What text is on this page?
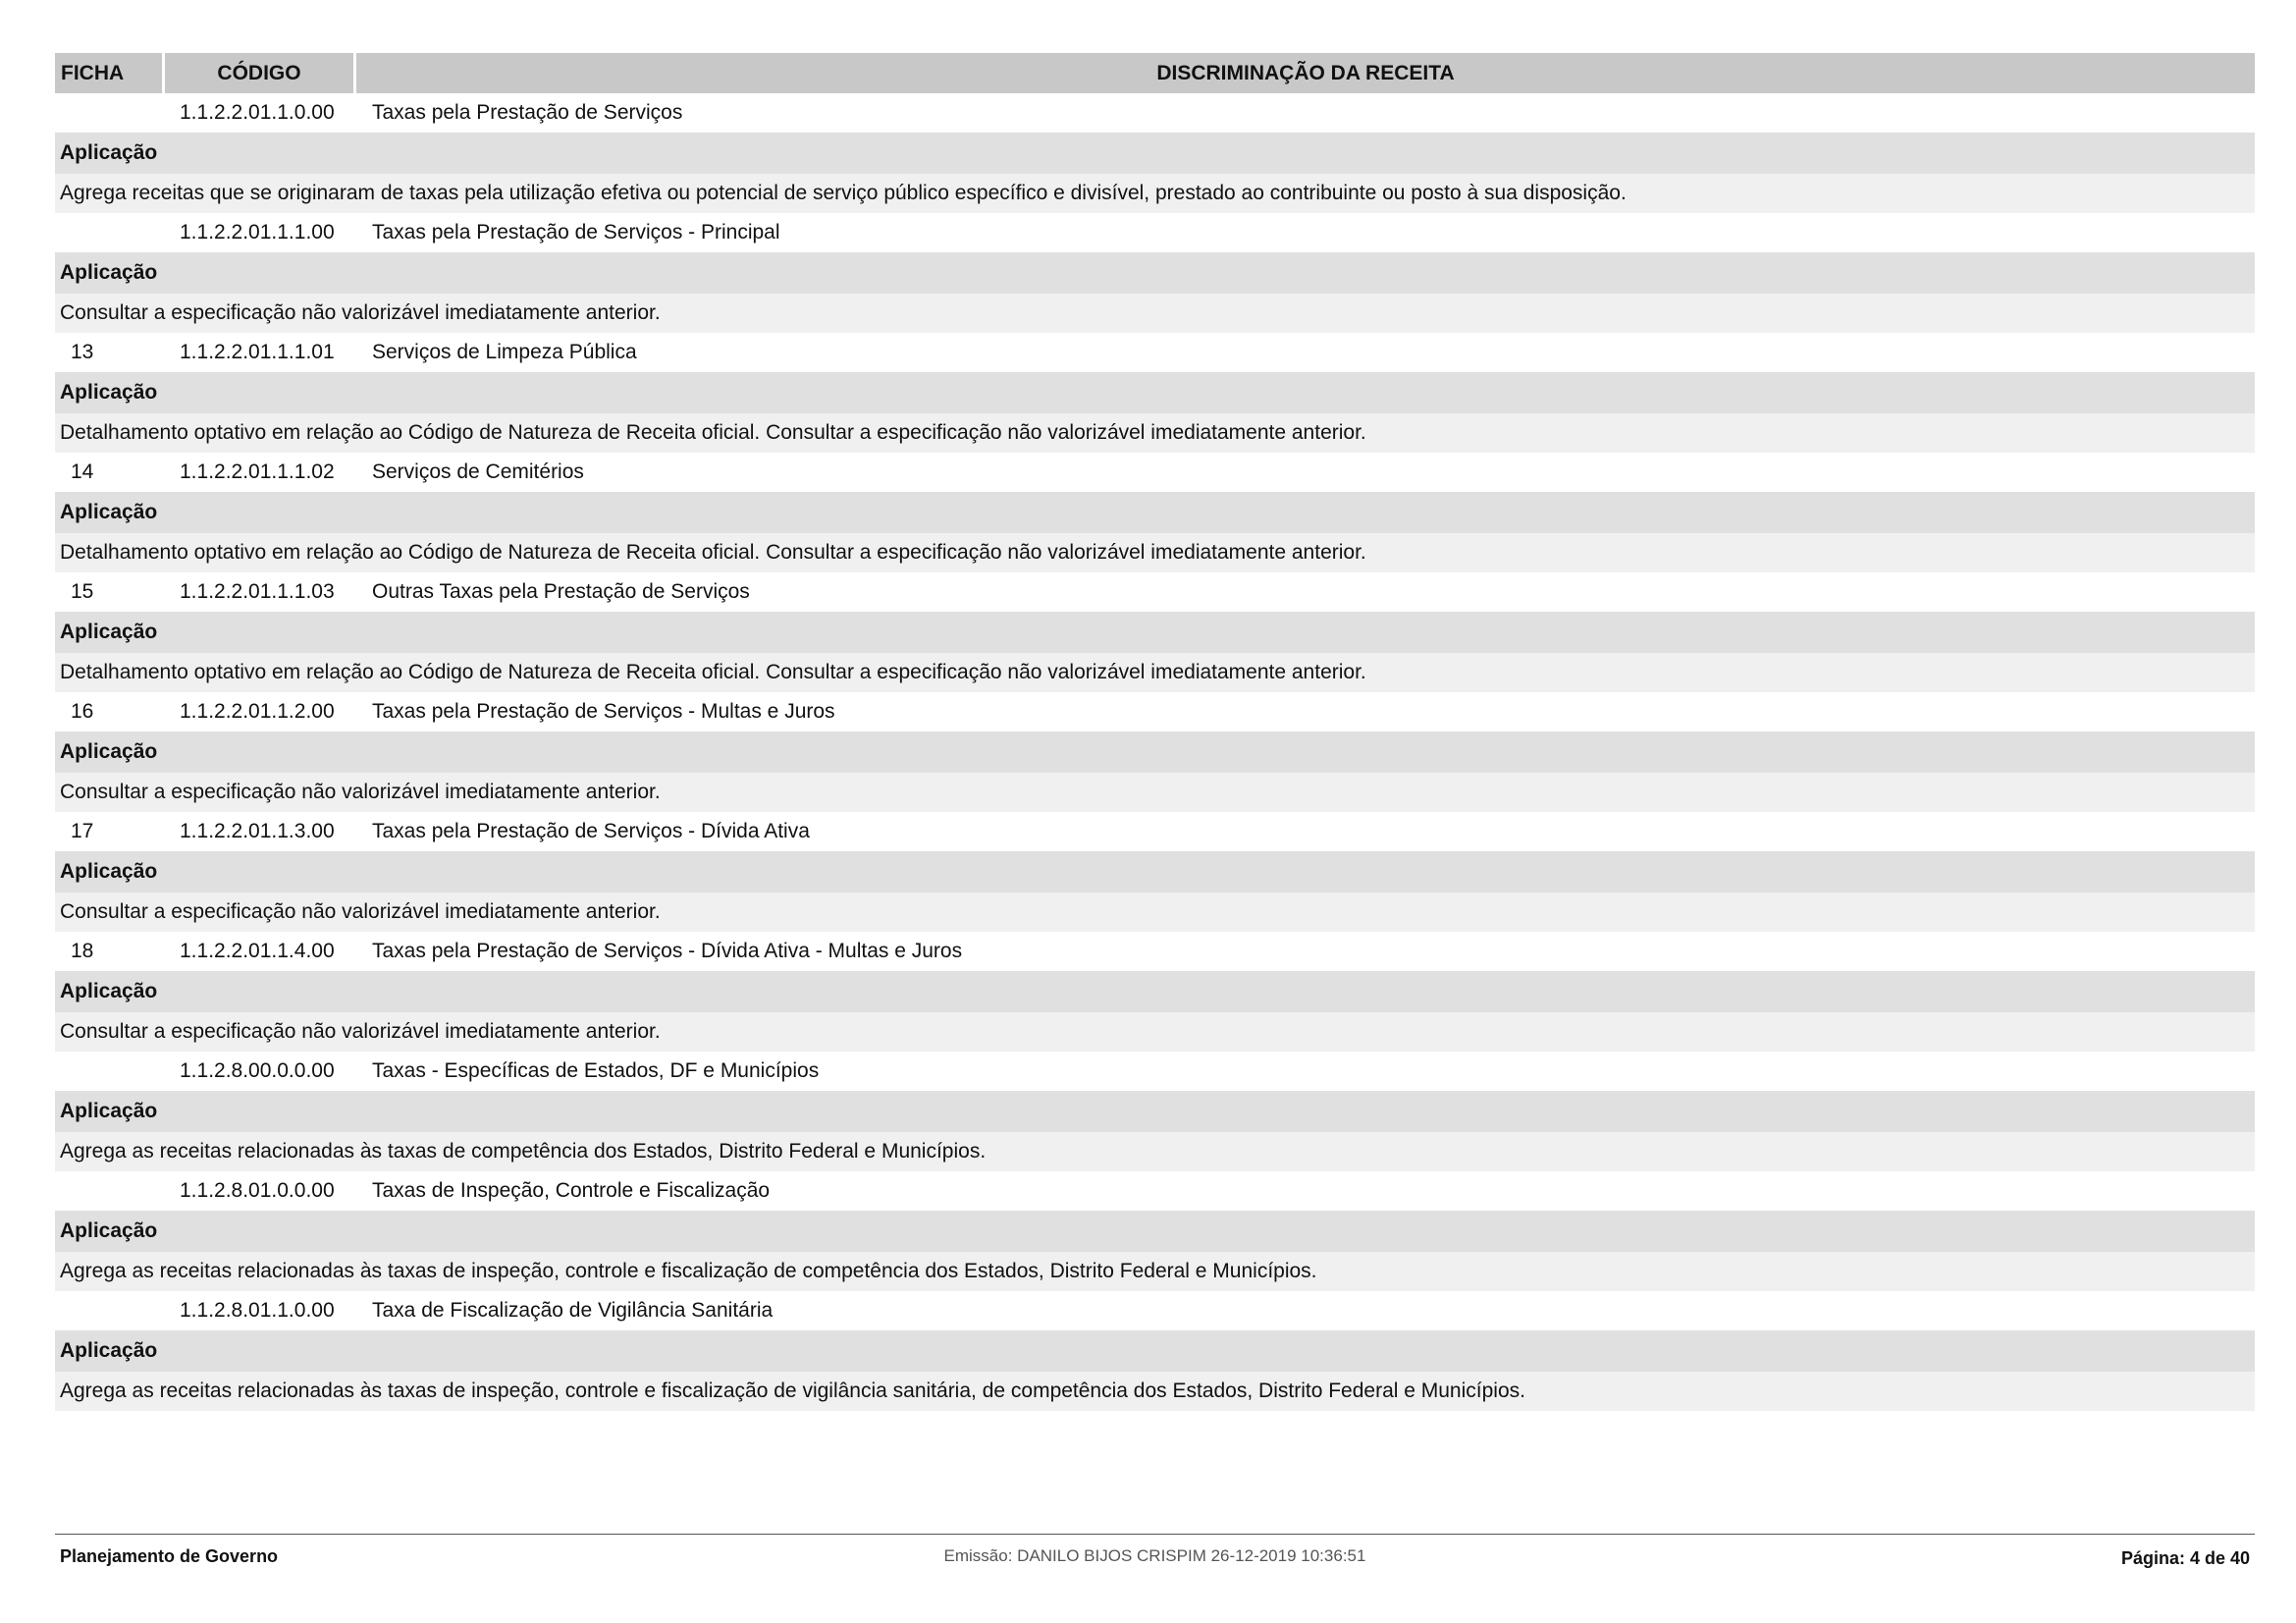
FICHA	CÓDIGO	DISCRIMINAÇÃO DA RECEITA
1.1.2.2.01.1.0.00	Taxas pela Prestação de Serviços
Aplicação
Agrega receitas que se originaram de taxas pela utilização efetiva ou potencial de serviço público específico e divisível, prestado ao contribuinte ou posto à sua disposição.
1.1.2.2.01.1.1.00	Taxas pela Prestação de Serviços - Principal
Aplicação
Consultar a especificação não valorizável imediatamente anterior.
13	1.1.2.2.01.1.1.01	Serviços de Limpeza Pública
Aplicação
Detalhamento optativo em relação ao Código de Natureza de Receita oficial. Consultar a especificação não valorizável imediatamente anterior.
14	1.1.2.2.01.1.1.02	Serviços de Cemitérios
Aplicação
Detalhamento optativo em relação ao Código de Natureza de Receita oficial. Consultar a especificação não valorizável imediatamente anterior.
15	1.1.2.2.01.1.1.03	Outras Taxas pela Prestação de Serviços
Aplicação
Detalhamento optativo em relação ao Código de Natureza de Receita oficial. Consultar a especificação não valorizável imediatamente anterior.
16	1.1.2.2.01.1.2.00	Taxas pela Prestação de Serviços - Multas e Juros
Aplicação
Consultar a especificação não valorizável imediatamente anterior.
17	1.1.2.2.01.1.3.00	Taxas pela Prestação de Serviços - Dívida Ativa
Aplicação
Consultar a especificação não valorizável imediatamente anterior.
18	1.1.2.2.01.1.4.00	Taxas pela Prestação de Serviços - Dívida Ativa - Multas e Juros
Aplicação
Consultar a especificação não valorizável imediatamente anterior.
1.1.2.8.00.0.0.00	Taxas - Específicas de Estados, DF e Municípios
Aplicação
Agrega as receitas relacionadas às taxas de competência dos Estados, Distrito Federal e Municípios.
1.1.2.8.01.0.0.00	Taxas de Inspeção, Controle e Fiscalização
Aplicação
Agrega as receitas relacionadas às taxas de inspeção, controle e fiscalização de competência dos Estados, Distrito Federal e Municípios.
1.1.2.8.01.1.0.00	Taxa de Fiscalização de Vigilância Sanitária
Aplicação
Agrega as receitas relacionadas às taxas de inspeção, controle e fiscalização de vigilância sanitária, de competência dos Estados, Distrito Federal e Municípios.
Planejamento de Governo	Emissão: DANILO BIJOS CRISPIM 26-12-2019 10:36:51	Página: 4 de 40
